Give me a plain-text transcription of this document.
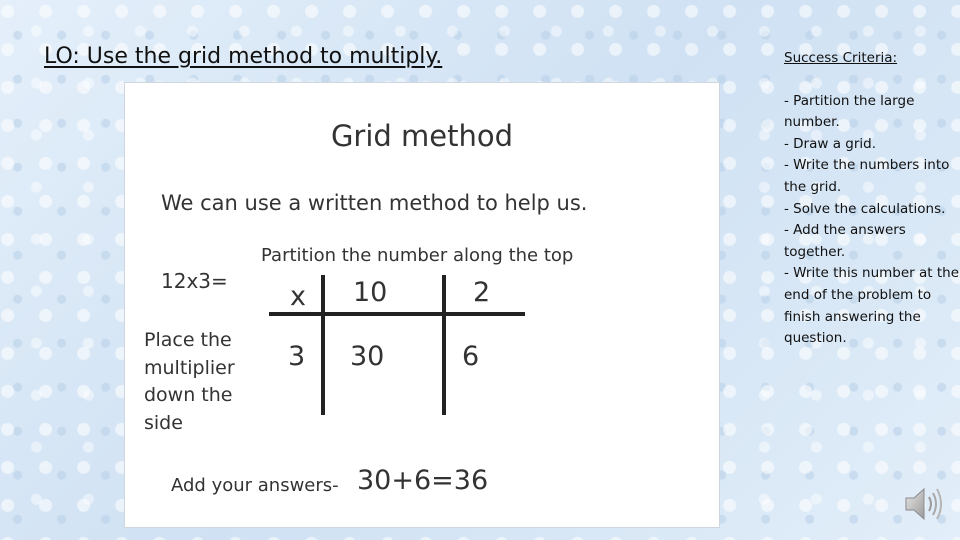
LO: Use the grid method to multiply.
Grid method
We can use a written method to help us.
Partition the number along the top
12x3=
Place the
multiplier
down the
side
x 10	2
3 30	6
Add your answers- 30+6=36
Success Criteria:
- Partition the large number.
- Draw a grid.
- Write the numbers into the grid.
- Solve the calculations.
- Add the answers together.
- Write this number at the end of the problem to finish answering the question.
